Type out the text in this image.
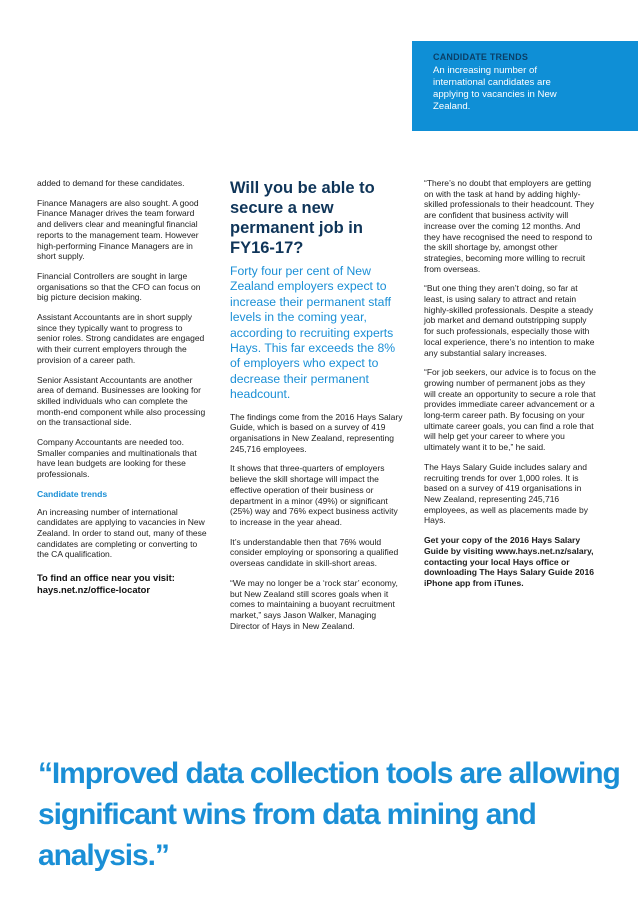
CANDIDATE TRENDS
An increasing number of international candidates are applying to vacancies in New Zealand.

added to demand for these candidates.

Finance Managers are also sought. A good Finance Manager drives the team forward and delivers clear and meaningful financial reports to the management team. However high-performing Finance Managers are in short supply.

Financial Controllers are sought in large organisations so that the CFO can focus on big picture decision making.

Assistant Accountants are in short supply since they typically want to progress to senior roles. Strong candidates are engaged with their current employers through the provision of a career path.

Senior Assistant Accountants are another area of demand. Businesses are looking for skilled individuals who can complete the month-end component while also processing on the transactional side.

Company Accountants are needed too. Smaller companies and multinationals that have lean budgets are looking for these professionals.

Candidate trends

An increasing number of international candidates are applying to vacancies in New Zealand. In order to stand out, many of these candidates are completing or converting to the CA qualification.

To find an office near you visit:
hays.net.nz/office-locator
Will you be able to secure a new permanent job in FY16-17?
Forty four per cent of New Zealand employers expect to increase their permanent staff levels in the coming year, according to recruiting experts Hays. This far exceeds the 8% of employers who expect to decrease their permanent headcount.

The findings come from the 2016 Hays Salary Guide, which is based on a survey of 419 organisations in New Zealand, representing 245,716 employees.

It shows that three-quarters of employers believe the skill shortage will impact the effective operation of their business or department in a minor (49%) or significant (25%) way and 76% expect business activity to increase in the year ahead.

It’s understandable then that 76% would consider employing or sponsoring a qualified overseas candidate in skill-short areas.

“We may no longer be a ‘rock star’ economy, but New Zealand still scores goals when it comes to maintaining a buoyant recruitment market,” says Jason Walker, Managing Director of Hays in New Zealand.

“There’s no doubt that employers are getting on with the task at hand by adding highly-skilled professionals to their headcount. They are confident that business activity will increase over the coming 12 months. And they have recognised the need to respond to the skill shortage by, amongst other strategies, becoming more willing to recruit from overseas.

“But one thing they aren’t doing, so far at least, is using salary to attract and retain highly-skilled professionals. Despite a steady job market and demand outstripping supply for such professionals, especially those with local experience, there’s no intention to make any substantial salary increases.

“For job seekers, our advice is to focus on the growing number of permanent jobs as they will create an opportunity to secure a role that provides immediate career advancement or a long-term career path. By focusing on your ultimate career goals, you can find a role that will help get your career to where you ultimately want it to be,” he said.

The Hays Salary Guide includes salary and recruiting trends for over 1,000 roles. It is based on a survey of 419 organisations in New Zealand, representing 245,716 employees, as well as placements made by Hays.

Get your copy of the 2016 Hays Salary Guide by visiting www.hays.net.nz/salary, contacting your local Hays office or downloading The Hays Salary Guide 2016 iPhone app from iTunes.

“Improved data collection tools are allowing significant wins from data mining and analysis.”
